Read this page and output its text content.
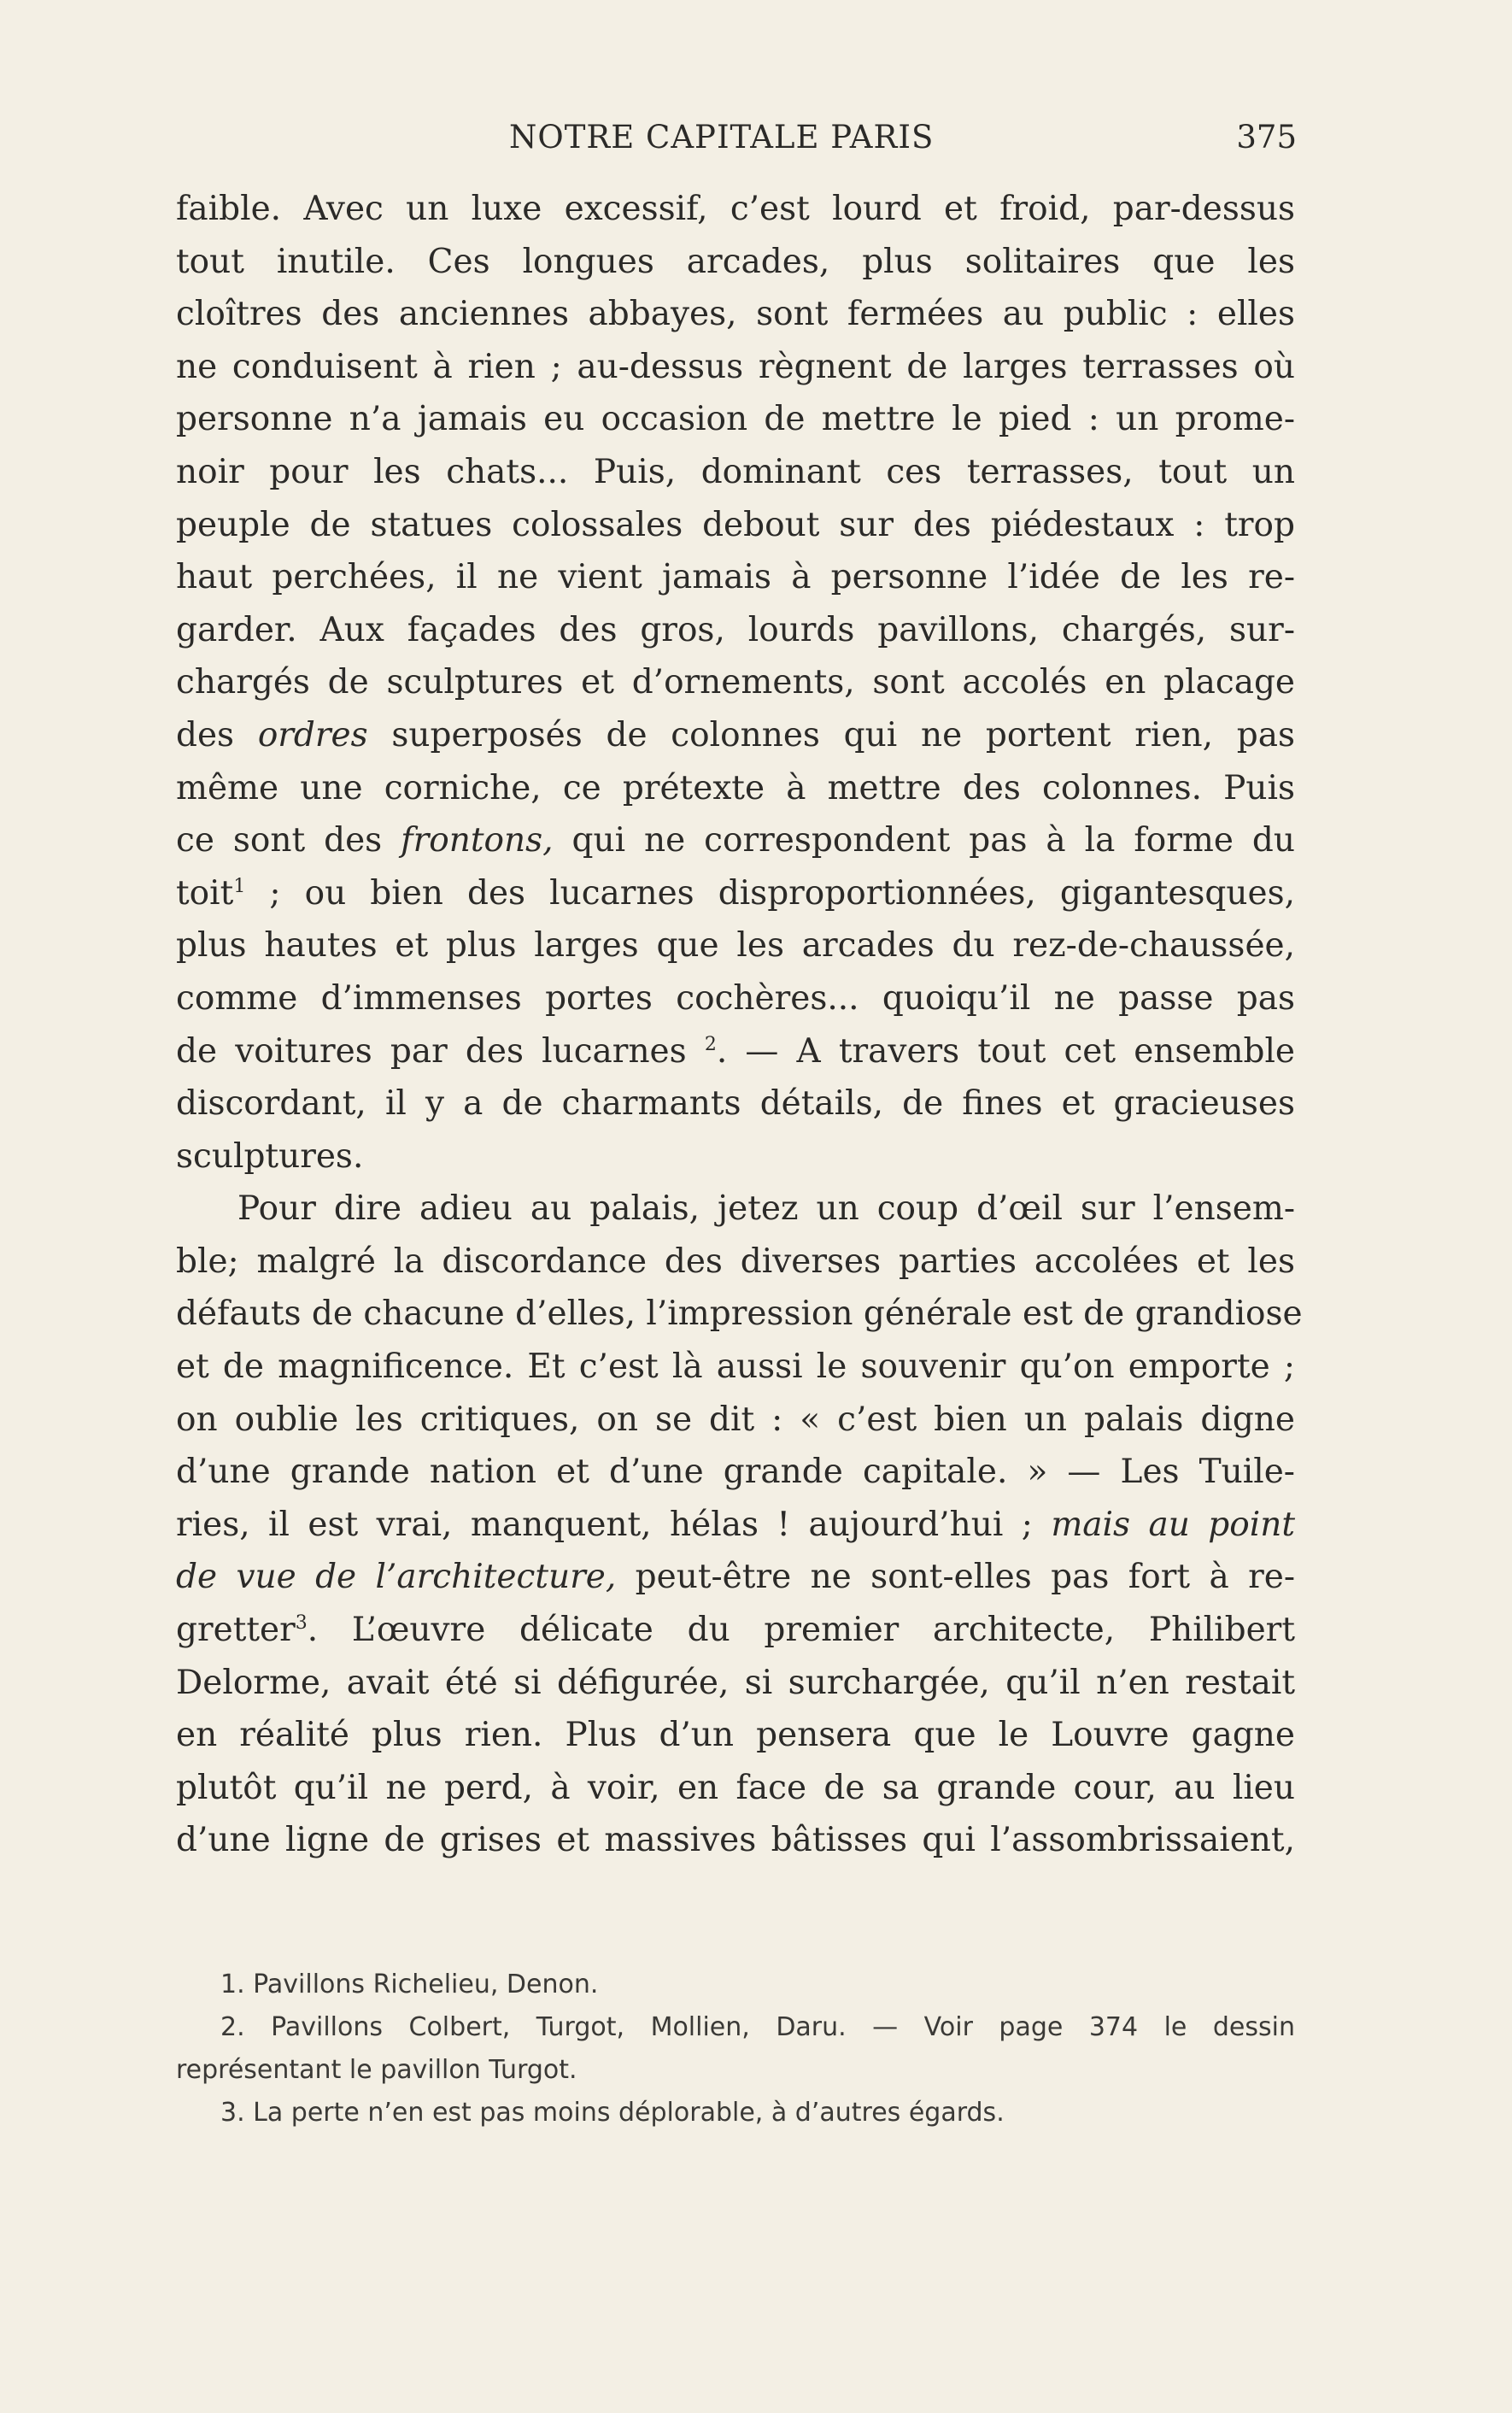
NOTRE CAPITALE PARIS	375
faible. Avec un luxe excessif, c’est lourd et froid, par-dessus
tout inutile. Ces longues arcades, plus solitaires que les
cloîtres des anciennes abbayes, sont fermées au public : elles
ne conduisent à rien ; au-dessus règnent de larges terrasses où
personne n’a jamais eu occasion de mettre le pied : un prome-
noir pour les chats... Puis, dominant ces terrasses, tout un
peuple de statues colossales debout sur des piédestaux : trop
haut perchées, il ne vient jamais à personne l’idée de les re-
garder. Aux façades des gros, lourds pavillons, chargés, sur-
chargés de sculptures et d’ornements, sont accolés en placage
des ordres superposés de colonnes qui ne portent rien, pas
même une corniche, ce prétexte à mettre des colonnes. Puis
ce sont des frontons, qui ne correspondent pas à la forme du
toit$^1$ ; ou bien des lucarnes disproportionnées, gigantesques,
plus hautes et plus larges que les arcades du rez-de-chaussée,
comme d’immenses portes cochères... quoiqu’il ne passe pas
de voitures par des lucarnes $^2$. — A travers tout cet ensemble
discordant, il y a de charmants détails, de fines et gracieuses
sculptures.
Pour dire adieu au palais, jetez un coup d’œil sur l’ensem-
ble; malgré la discordance des diverses parties accolées et les
défauts de chacune d’elles, l’impression générale est de grandiose
et de magnificence. Et c’est là aussi le souvenir qu’on emporte ;
on oublie les critiques, on se dit : « c’est bien un palais digne
d’une grande nation et d’une grande capitale. » — Les Tuile-
ries, il est vrai, manquent, hélas ! aujourd’hui ; mais au point
de vue de l’architecture, peut-être ne sont-elles pas fort à re-
gretter$^3$. L’œuvre délicate du premier architecte, Philibert
Delorme, avait été si défigurée, si surchargée, qu’il n’en restait
en réalité plus rien. Plus d’un pensera que le Louvre gagne
plutôt qu’il ne perd, à voir, en face de sa grande cour, au lieu
d’une ligne de grises et massives bâtisses qui l’assombrissaient,
1. Pavillons Richelieu, Denon.
2. Pavillons Colbert, Turgot, Mollien, Daru. — Voir page 374 le dessin
représentant le pavillon Turgot.
3. La perte n’en est pas moins déplorable, à d’autres égards.
